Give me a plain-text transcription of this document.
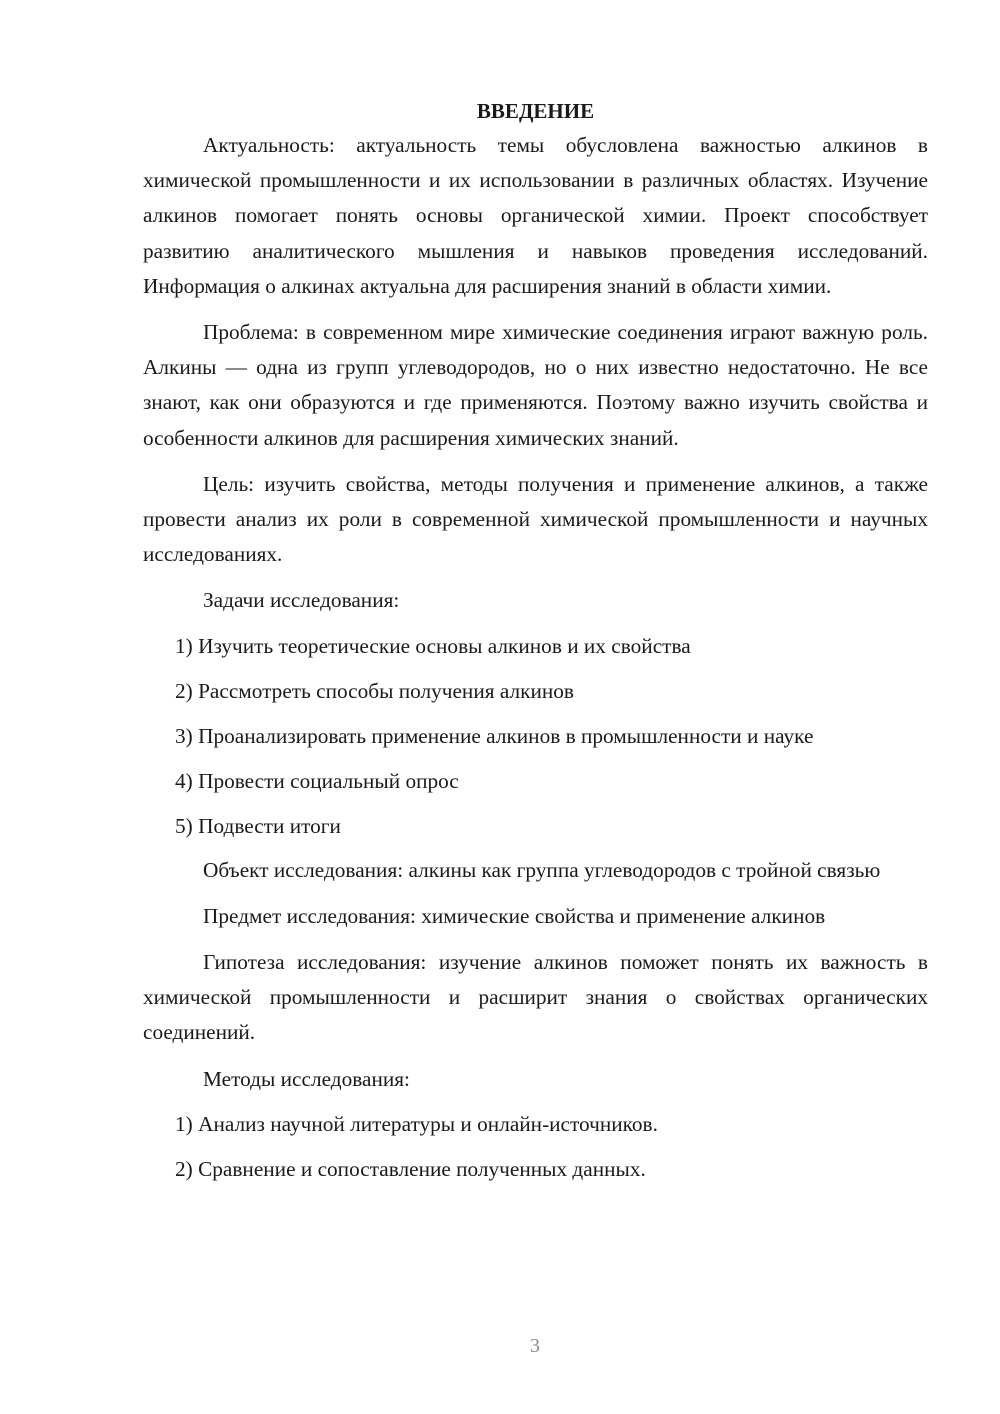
ВВЕДЕНИЕ

Актуальность: актуальность темы обусловлена важностью алкинов в химической промышленности и их использовании в различных областях. Изучение алкинов помогает понять основы органической химии. Проект способствует развитию аналитического мышления и навыков проведения исследований. Информация о алкинах актуальна для расширения знаний в области химии.

Проблема: в современном мире химические соединения играют важную роль. Алкины — одна из групп углеводородов, но о них известно недостаточно. Не все знают, как они образуются и где применяются. Поэтому важно изучить свойства и особенности алкинов для расширения химических знаний.

Цель: изучить свойства, методы получения и применение алкинов, а также провести анализ их роли в современной химической промышленности и научных исследованиях.

Задачи исследования:

1) Изучить теоретические основы алкинов и их свойства

2) Рассмотреть способы получения алкинов

3) Проанализировать применение алкинов в промышленности и науке

4) Провести социальный опрос

5) Подвести итоги

Объект исследования: алкины как группа углеводородов с тройной связью

Предмет исследования: химические свойства и применение алкинов

Гипотеза исследования: изучение алкинов поможет понять их важность в химической промышленности и расширит знания о свойствах органических соединений.

Методы исследования:

1) Анализ научной литературы и онлайн-источников.

2) Сравнение и сопоставление полученных данных.

3
